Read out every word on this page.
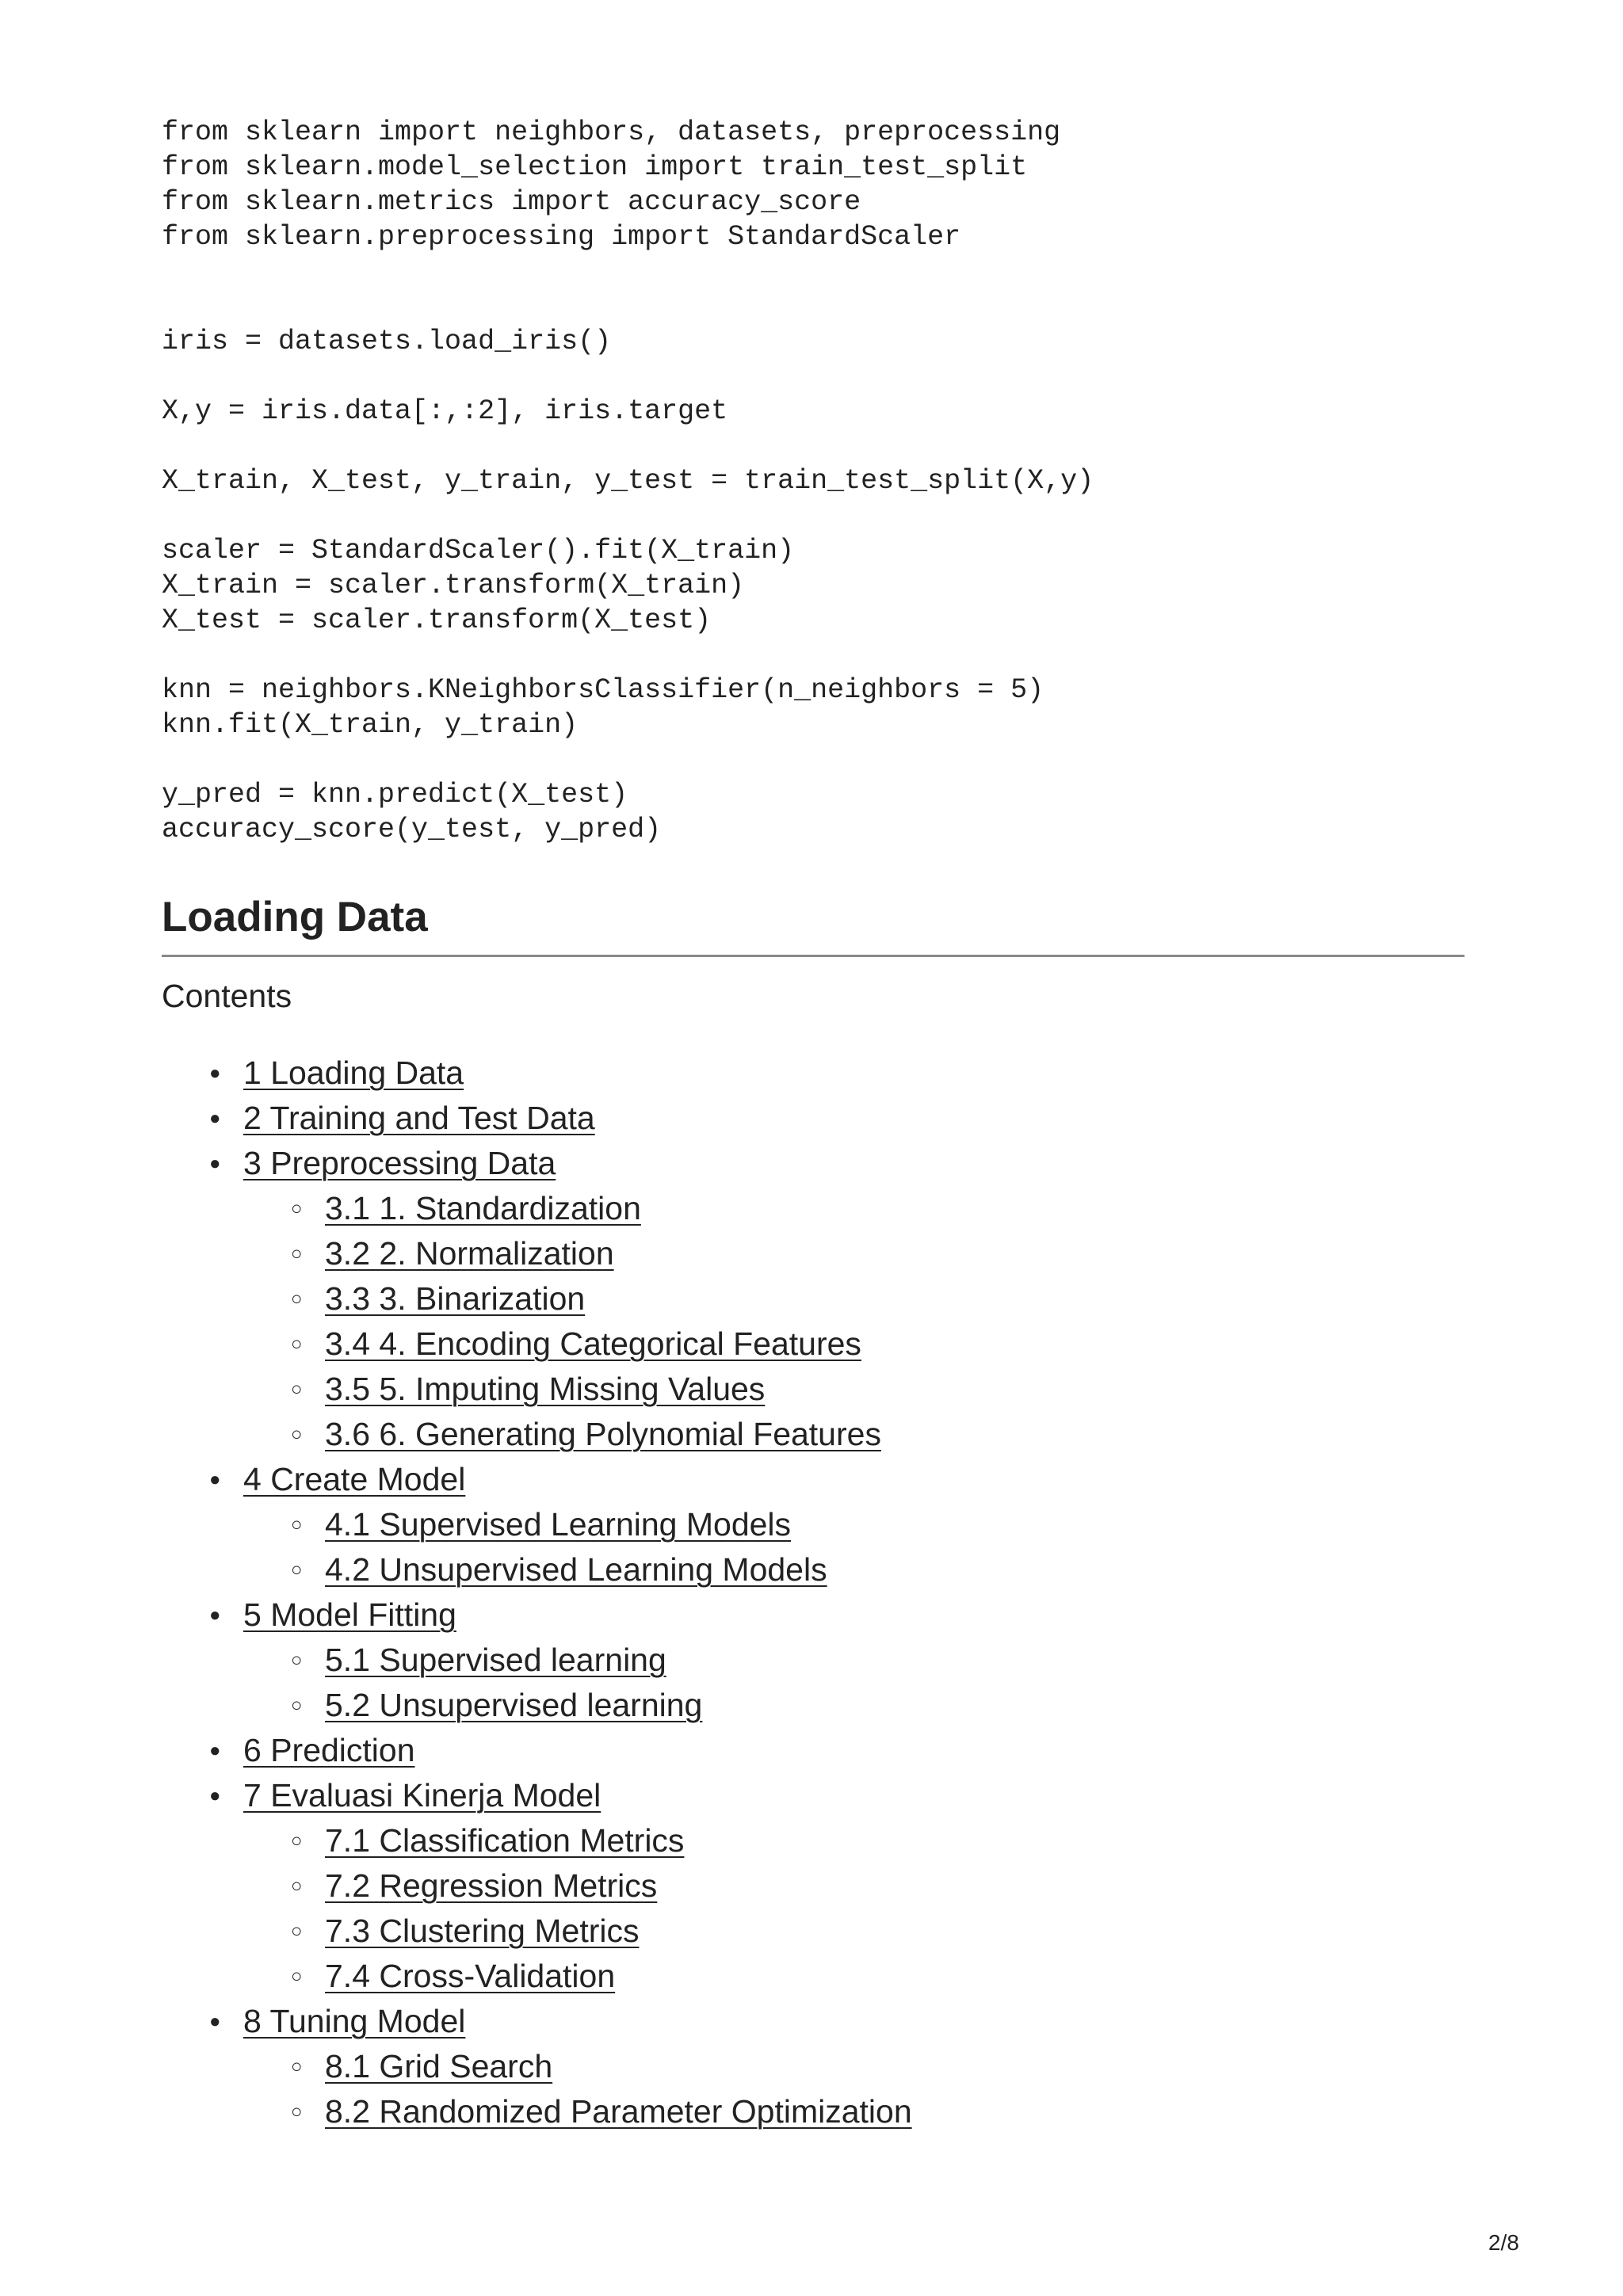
from sklearn import neighbors, datasets, preprocessing
from sklearn.model_selection import train_test_split
from sklearn.metrics import accuracy_score
from sklearn.preprocessing import StandardScaler
iris = datasets.load_iris()
X,y = iris.data[:,:2], iris.target
X_train, X_test, y_train, y_test = train_test_split(X,y)
scaler = StandardScaler().fit(X_train)
X_train = scaler.transform(X_train)
X_test = scaler.transform(X_test)
knn = neighbors.KNeighborsClassifier(n_neighbors = 5)
knn.fit(X_train, y_train)
y_pred = knn.predict(X_test)
accuracy_score(y_test, y_pred)
Loading Data
Contents
● 1 Loading Data
● 2 Training and Test Data
● 3 Preprocessing Data
○ 3.1 1. Standardization
○ 3.2 2. Normalization
○ 3.3 3. Binarization
○ 3.4 4. Encoding Categorical Features
○ 3.5 5. Imputing Missing Values
○ 3.6 6. Generating Polynomial Features
● 4 Create Model
○ 4.1 Supervised Learning Models
○ 4.2 Unsupervised Learning Models
● 5 Model Fitting
○ 5.1 Supervised learning
○ 5.2 Unsupervised learning
● 6 Prediction
● 7 Evaluasi Kinerja Model
○ 7.1 Classification Metrics
○ 7.2 Regression Metrics
○ 7.3 Clustering Metrics
○ 7.4 Cross-Validation
● 8 Tuning Model
○ 8.1 Grid Search
○ 8.2 Randomized Parameter Optimization
2/8
